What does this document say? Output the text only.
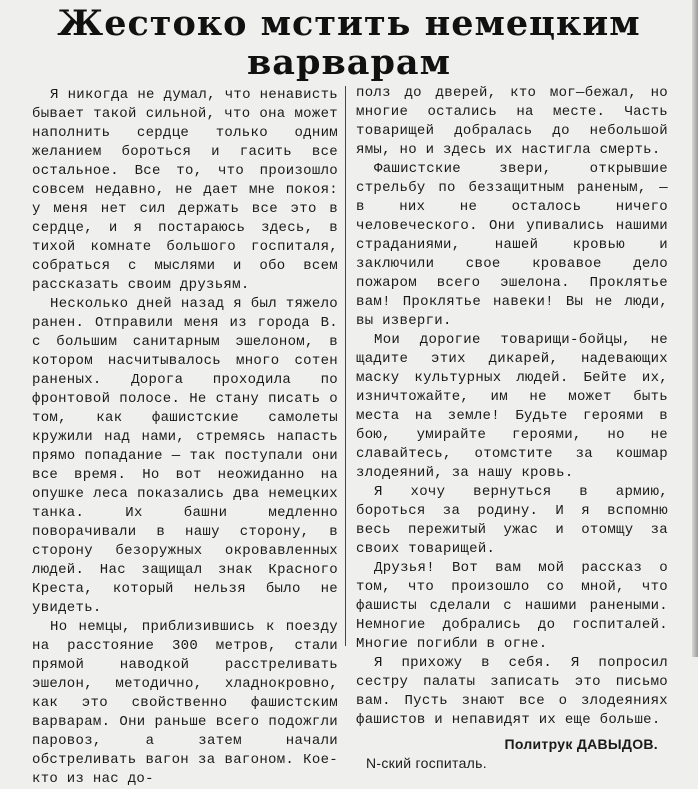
Жестоко мстить немецким варварам

Я никогда не думал, что ненависть бывает такой сильной, что она может наполнить сердце только одним желанием бороться и гасить все остальное. Все то, что произошло совсем недавно, не дает мне покоя: у меня нет сил держать все это в сердце, и я постараюсь здесь, в тихой комнате большого госпиталя, собраться с мыслями и обо всем рассказать своим друзьям.

Несколько дней назад я был тяжело ранен. Отправили меня из города В. с большим санитарным эшелоном, в котором насчитывалось много сотен раненых. Дорога проходила по фронтовой полосе. Не стану писать о том, как фашистские самолеты кружили над нами, стремясь напасть прямо попадание — так поступали они все время. Но вот неожиданно на опушке леса показались два немецких танка. Их башни медленно поворачивали в нашу сторону, в сторону безоружных окровавленных людей. Нас защищал знак Красного Креста, который нельзя было не увидеть.

Но немцы, приблизившись к поезду на расстояние 300 метров, стали прямой наводкой расстреливать эшелон, методично, хладнокровно, как это свойственно фашистским варварам. Они раньше всего подожгли паровоз, а затем начали обстреливать вагон за вагоном. Кое-кто из нас до-

полз до дверей, кто мог—бежал, но многие остались на месте. Часть товарищей добралась до небольшой ямы, но и здесь их настигла смерть.

Фашистские звери, открывшие стрельбу по беззащитным раненым, — в них не осталось ничего человеческого. Они упивались нашими страданиями, нашей кровью и заключили свое кровавое дело пожаром всего эшелона. Проклятье вам! Проклятье навеки! Вы не люди, вы изверги.

Мои дорогие товарищи-бойцы, не щадите этих дикарей, надевающих маску культурных людей. Бейте их, изничтожайте, им не может быть места на земле! Будьте героями в бою, умирайте героями, но не славайтесь, отомстите за кошмар злодеяний, за нашу кровь.

Я хочу вернуться в армию, бороться за родину. И я вспомню весь пережитый ужас и отомщу за своих товарищей.

Друзья! Вот вам мой рассказ о том, что произошло со мной, что фашисты сделали с нашими ранеными. Немногие добрались до госпиталей. Многие погибли в огне.

Я прихожу в себя. Я попросил сестру палаты записать это письмо вам. Пусть знают все о злодеяниях фашистов и непавидят их еще больше.

Политрук ДАВЫДОВ.
N-ский госпиталь.
